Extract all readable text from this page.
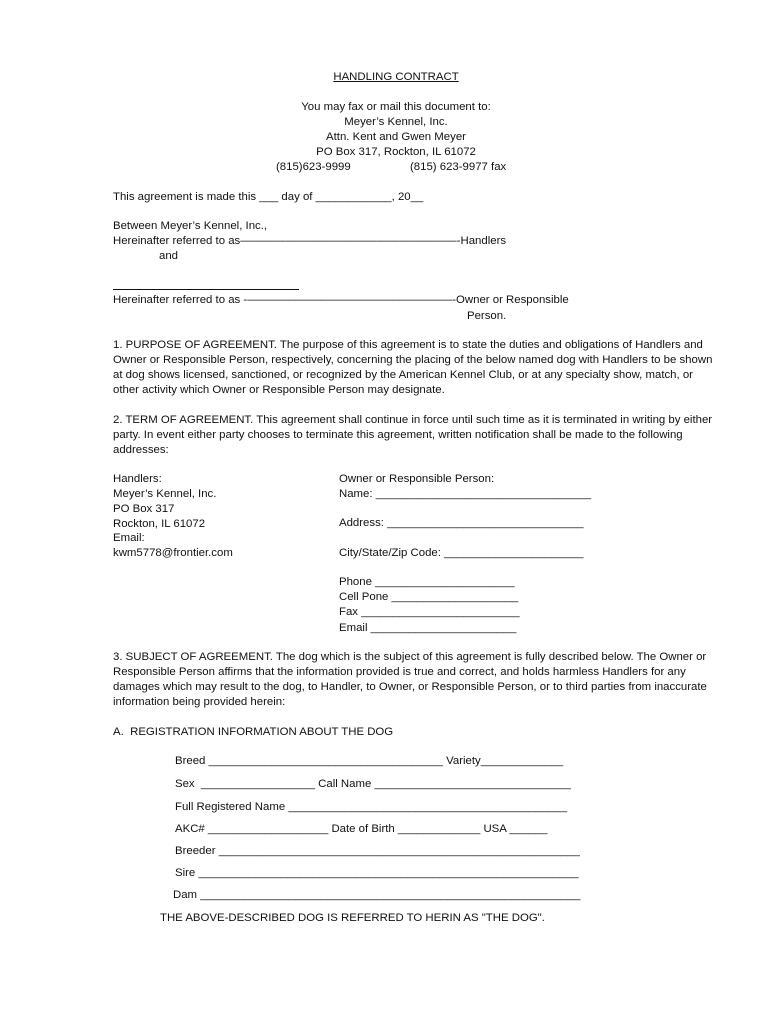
HANDLING CONTRACT
You may fax or mail this document to:
Meyer’s Kennel, Inc.
Attn. Kent and Gwen Meyer
PO Box 317, Rockton, IL 61072
(815)623-9999	(815) 623-9977 fax
This agreement is made this ___ day of ____________, 20__
Between Meyer’s Kennel, Inc.,
Hereinafter referred to as———————————————————-Handlers
and
Hereinafter referred to as -——————————————————-Owner or Responsible
Person.
1. PURPOSE OF AGREEMENT. The purpose of this agreement is to state the duties and obligations of Handlers and Owner or Responsible Person, respectively, concerning the placing of the below named dog with Handlers to be shown at dog shows licensed, sanctioned, or recognized by the American Kennel Club, or at any specialty show, match, or other activity which Owner or Responsible Person may designate.
2. TERM OF AGREEMENT. This agreement shall continue in force until such time as it is terminated in writing by either party. In event either party chooses to terminate this agreement, written notification shall be made to the following addresses:
Handlers:
Meyer’s Kennel, Inc.
PO Box 317
Rockton, IL 61072
Email:
kwm5778@frontier.com
Owner or Responsible Person:
Name: __________________________________
Address: _______________________________
City/State/Zip Code: ______________________
Phone ______________________
Cell Pone ____________________
Fax _________________________
Email _______________________
3. SUBJECT OF AGREEMENT. The dog which is the subject of this agreement is fully described below. The Owner or Responsible Person affirms that the information provided is true and correct, and holds harmless Handlers for any damages which may result to the dog, to Handler, to Owner, or Responsible Person, or to third parties from inaccurate information being provided herein:
A.  REGISTRATION INFORMATION ABOUT THE DOG
Breed _____________________________________ Variety_____________
Sex  __________________ Call Name _______________________________
Full Registered Name ____________________________________________
AKC# ___________________ Date of Birth _____________ USA ______
Breeder _________________________________________________________
Sire ____________________________________________________________
Dam ____________________________________________________________
THE ABOVE-DESCRIBED DOG IS REFERRED TO HERIN AS "THE DOG".
